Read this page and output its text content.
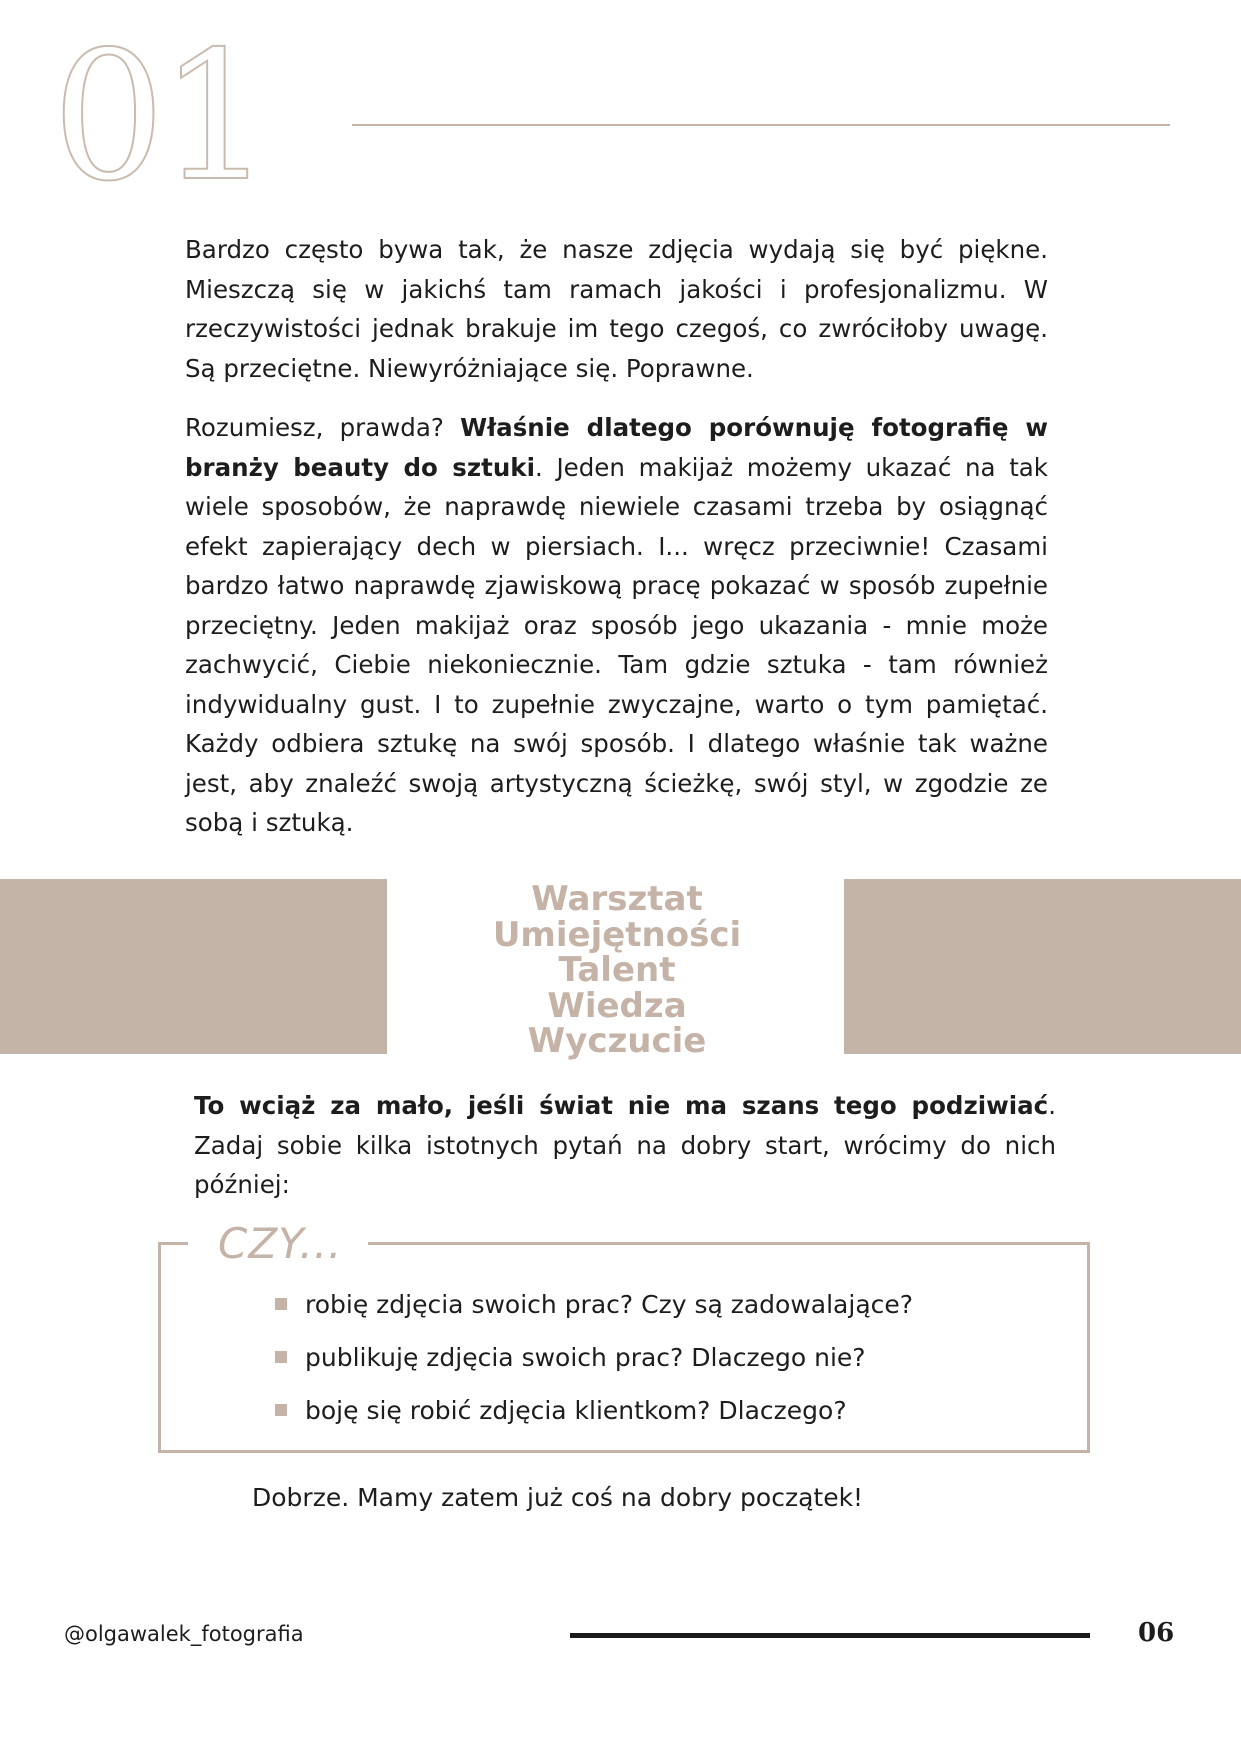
01

Bardzo często bywa tak, że nasze zdjęcia wydają się być piękne. Mieszczą się w jakichś tam ramach jakości i profesjonalizmu. W rzeczywistości jednak brakuje im tego czegoś, co zwróciłoby uwagę. Są przeciętne. Niewyróżniające się. Poprawne.

Rozumiesz, prawda? Właśnie dlatego porównuję fotografię w branży beauty do sztuki. Jeden makijaż możemy ukazać na tak wiele sposobów, że naprawdę niewiele czasami trzeba by osiągnąć efekt zapierający dech w piersiach. I... wręcz przeciwnie! Czasami bardzo łatwo naprawdę zjawiskową pracę pokazać w sposób zupełnie przeciętny. Jeden makijaż oraz sposób jego ukazania - mnie może zachwycić, Ciebie niekoniecznie. Tam gdzie sztuka - tam również indywidualny gust. I to zupełnie zwyczajne, warto o tym pamiętać. Każdy odbiera sztukę na swój sposób. I dlatego właśnie tak ważne jest, aby znaleźć swoją artystyczną ścieżkę, swój styl, w zgodzie ze sobą i sztuką.

Warsztat
Umiejętności
Talent
Wiedza
Wyczucie

To wciąż za mało, jeśli świat nie ma szans tego podziwiać. Zadaj sobie kilka istotnych pytań na dobry start, wrócimy do nich później:

CZY...
robię zdjęcia swoich prac? Czy są zadowalające?
publikuję zdjęcia swoich prac? Dlaczego nie?
boję się robić zdjęcia klientkom? Dlaczego?

Dobrze. Mamy zatem już coś na dobry początek!

@olgawalek_fotografia	06
